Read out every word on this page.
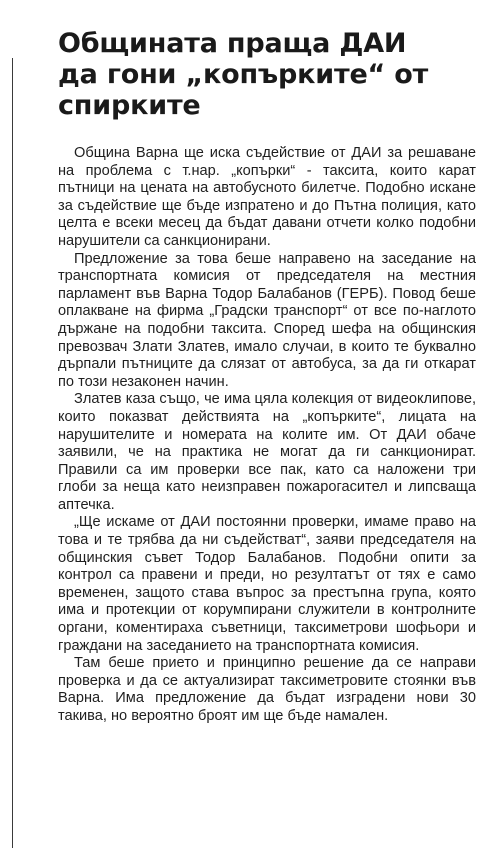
Общината праща ДАИ
да гони „копърките“ от
спирките

Община Варна ще иска съдействие от ДАИ за решаване на проблема с т.нар. „копърки“ - таксита, които карат пътници на цената на автобусното билетче. Подобно искане за съдействие ще бъде изпратено и до Пътна полиция, като целта е всеки месец да бъдат давани отчети колко подобни нарушители са санкционирани.

Предложение за това беше направено на заседание на транспортната комисия от председателя на местния парламент във Варна Тодор Балабанов (ГЕРБ). Повод беше оплакване на фирма „Градски транспорт“ от все по-наглото държане на подобни таксита. Според шефа на общинския превозвач Злати Златев, имало случаи, в които те буквално дърпали пътниците да слязат от автобуса, за да ги откарат по този незаконен начин.

Златев каза също, че има цяла колекция от видеоклипове, които показват действията на „копърките“, лицата на нарушителите и номерата на колите им. От ДАИ обаче заявили, че на практика не могат да ги санкционират. Правили са им проверки все пак, като са наложени три глоби за неща като неизправен пожарогасител и липсваща аптечка.

„Ще искаме от ДАИ постоянни проверки, имаме право на това и те трябва да ни съдействат“, заяви председателя на общинския съвет Тодор Балабанов. Подобни опити за контрол са правени и преди, но резултатът от тях е само временен, защото става въпрос за престъпна група, която има и протекции от корумпирани служители в контролните органи, коментираха съветници, таксиметрови шофьори и граждани на заседанието на транспортната комисия.

Там беше прието и принципно решение да се направи проверка и да се актуализират таксиметровите стоянки във Варна. Има предложение да бъдат изградени нови 30 такива, но вероятно броят им ще бъде намален.
